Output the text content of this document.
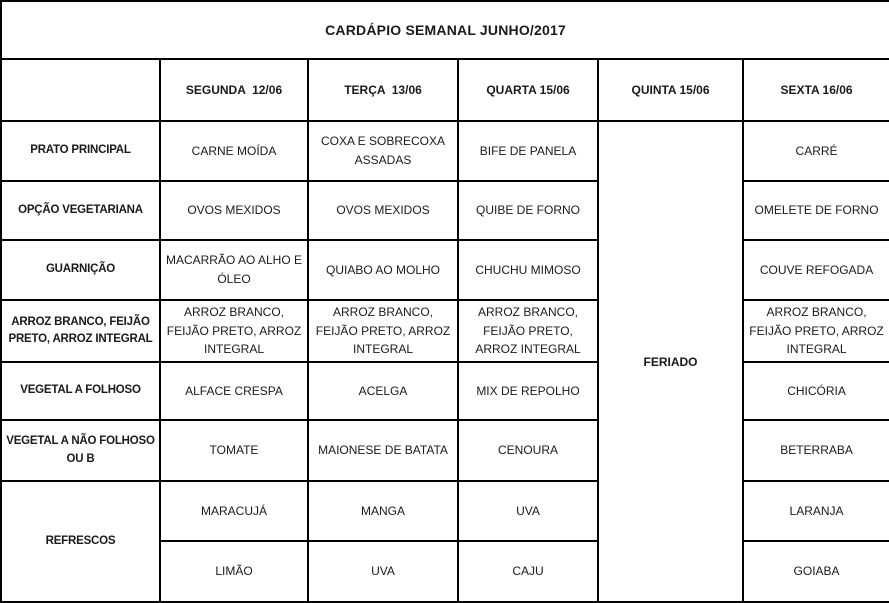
CARDÁPIO SEMANAL JUNHO/2017					
	SEGUNDA  12/06	TERÇA  13/06	QUARTA 15/06	QUINTA 15/06	SEXTA 16/06
PRATO PRINCIPAL	CARNE MOÍDA	COXA E SOBRECOXA ASSADAS	BIFE DE PANELA	FERIADO	CARRÉ
OPÇÃO VEGETARIANA	OVOS MEXIDOS	OVOS MEXIDOS	QUIBE DE FORNO		OMELETE DE FORNO
GUARNIÇÃO	MACARRÃO AO ALHO E ÓLEO	QUIABO AO MOLHO	CHUCHU MIMOSO		COUVE REFOGADA
ARROZ BRANCO, FEIJÃO PRETO, ARROZ INTEGRAL	ARROZ BRANCO, FEIJÃO PRETO, ARROZ INTEGRAL	ARROZ BRANCO, FEIJÃO PRETO, ARROZ INTEGRAL	ARROZ BRANCO, FEIJÃO PRETO, ARROZ INTEGRAL		ARROZ BRANCO, FEIJÃO PRETO, ARROZ INTEGRAL
VEGETAL A FOLHOSO	ALFACE CRESPA	ACELGA	MIX DE REPOLHO		CHICÓRIA
VEGETAL A NÃO FOLHOSO OU B	TOMATE	MAIONESE DE BATATA	CENOURA		BETERRABA
REFRESCOS	MARACUJÁ	MANGA	UVA		LARANJA
	LIMÃO	UVA	CAJU		GOIABA
